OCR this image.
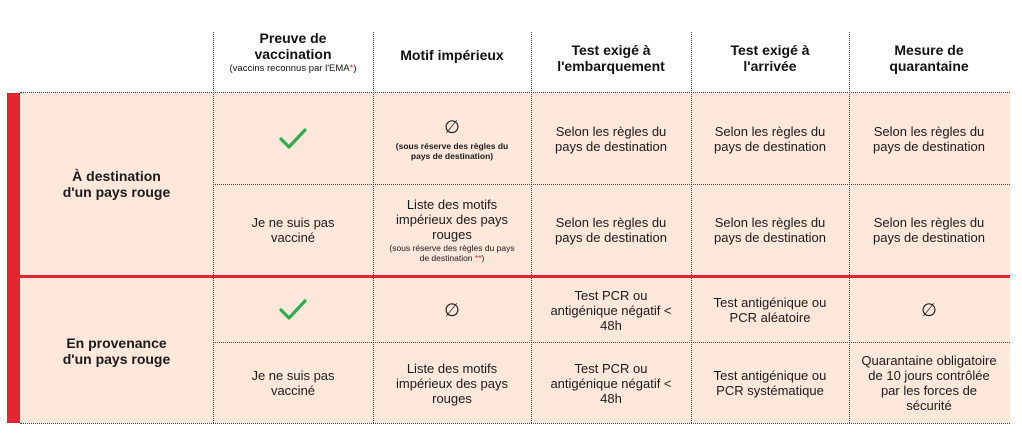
Preuve de
vaccination
(vaccins reconnus par l'EMA*)
Motif impérieux	Test exigé à
l'embarquement
Test exigé à
l'arrivée
Mesure de
quarantaine
À destination
d'un pays rouge
∅
(sous réserve des règles du pays de destination)
Selon les règles du pays de destination
Selon les règles du pays de destination
Selon les règles du pays de destination
Je ne suis pas vacciné
Liste des motifs impérieux des pays rouges
(sous réserve des règles du pays de destination **)
Selon les règles du pays de destination
Selon les règles du pays de destination
Selon les règles du pays de destination
En provenance
d'un pays rouge
∅
Test PCR ou antigénique négatif < 48h
Test antigénique ou PCR aléatoire	∅
Je ne suis pas vacciné
Liste des motifs impérieux des pays rouges
Test PCR ou antigénique négatif < 48h
Test antigénique ou PCR systématique
Quarantaine obligatoire de 10 jours contrôlée par les forces de sécurité
